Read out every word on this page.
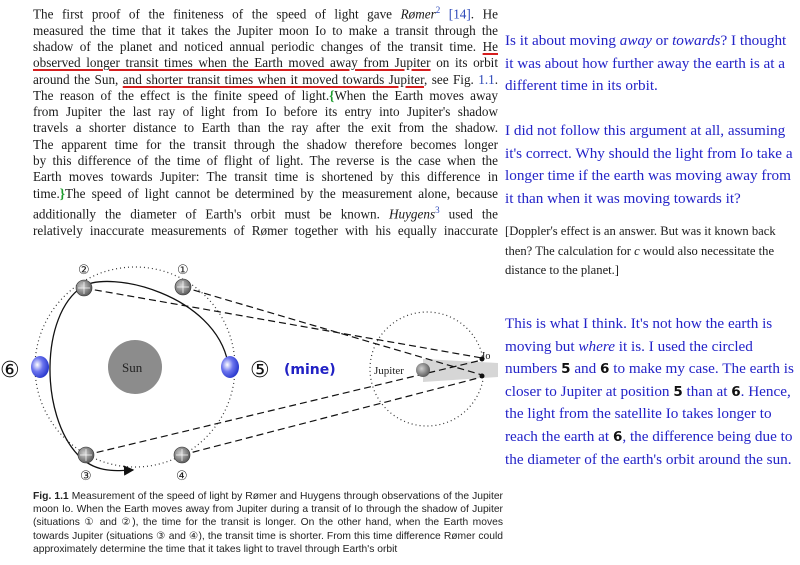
The first proof of the finiteness of the speed of light gave Rømer$^2$ [14]. He
measured the time that it takes the Jupiter moon Io to make a transit through the
shadow of the planet and noticed annual periodic changes of the transit time. He
observed longer transit times when the Earth moved away from Jupiter on its orbit
around the Sun, and shorter transit times when it moved towards Jupiter, see Fig. 1.1.
The reason of the effect is the finite speed of light.{When the Earth moves away
from Jupiter the last ray of light from Io before its entry into Jupiter's shadow
travels a shorter distance to Earth than the ray after the exit from the shadow.
The apparent time for the transit through the shadow therefore becomes longer
by this difference of the time of flight of light. The reverse is the case when the
Earth moves towards Jupiter: The transit time is shortened by this difference in
time.}The speed of light cannot be determined by the measurement alone, because
additionally the diameter of Earth's orbit must be known. Huygens$^3$ used the
relatively inaccurate measurements of Rømer together with his equally inaccurate

Is it about moving away or towards? I thought it was about how further away the earth is at a different time in its orbit.

I did not follow this argument at all, assuming it's correct. Why should the light from Io take a longer time if the earth was moving away from it than when it was moving towards it?

[Doppler's effect is an answer. But was it known back then? The calculation for c would also necessitate the distance to the planet.]

This is what I think. It's not how the earth is moving but where it is. I used the circled numbers 5 and 6 to make my case. The earth is closer to Jupiter at position 5 than at 6. Hence, the light from the satellite Io takes longer to reach the earth at 6, the difference being due to the diameter of the earth's orbit around the sun.

Io
Jupiter
Sun
②	①
③	④
⑤
⑥	(mine)
Fig. 1.1 Measurement of the speed of light by Rømer and Huygens through observations of the Jupiter moon Io. When the Earth moves away from Jupiter during a transit of Io through the shadow of Jupiter (situations ① and ②), the time for the transit is longer. On the other hand, when the Earth moves towards Jupiter (situations ③ and ④), the transit time is shorter. From this time difference Rømer could approximately determine the time that it takes light to travel through Earth's orbit
